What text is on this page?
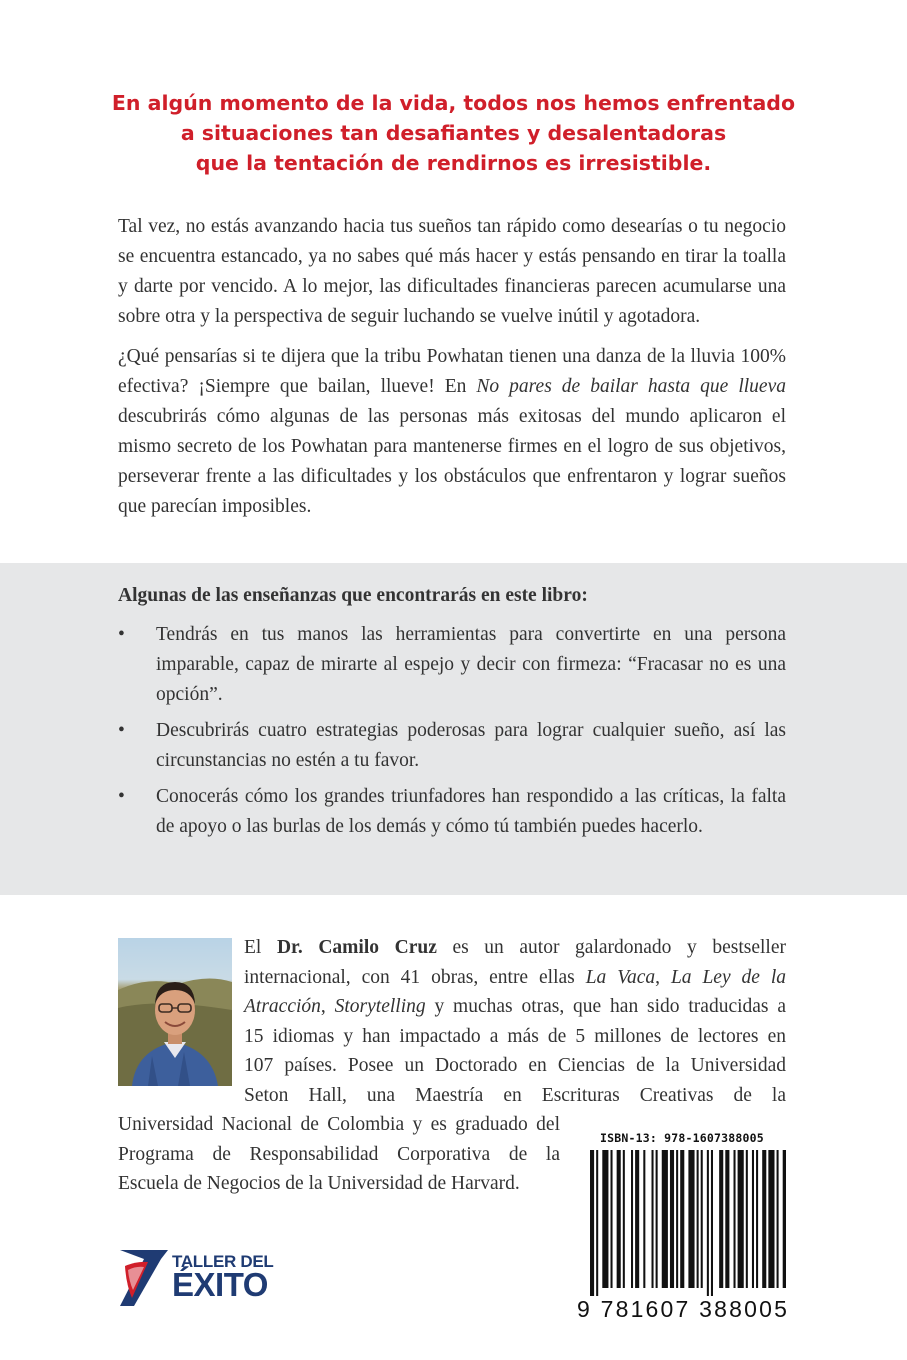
En algún momento de la vida, todos nos hemos enfrentado
a situaciones tan desafiantes y desalentadoras
que la tentación de rendirnos es irresistible.

Tal vez, no estás avanzando hacia tus sueños tan rápido como desearías o tu negocio se encuentra estancado, ya no sabes qué más hacer y estás pensando en tirar la toalla y darte por vencido. A lo mejor, las dificultades financieras parecen acumularse una sobre otra y la perspectiva de seguir luchando se vuelve inútil y agotadora.

¿Qué pensarías si te dijera que la tribu Powhatan tienen una danza de la lluvia 100% efectiva? ¡Siempre que bailan, llueve! En No pares de bailar hasta que llueva descubrirás cómo algunas de las personas más exitosas del mundo aplicaron el mismo secreto de los Powhatan para mantenerse firmes en el logro de sus objetivos, perseverar frente a las dificultades y los obstáculos que enfrentaron y lograr sueños que parecían imposibles.

Algunas de las enseñanzas que encontrarás en este libro:
• Tendrás en tus manos las herramientas para convertirte en una persona imparable, capaz de mirarte al espejo y decir con firmeza: “Fracasar no es una opción”.
• Descubrirás cuatro estrategias poderosas para lograr cualquier sueño, así las circunstancias no estén a tu favor.
• Conocerás cómo los grandes triunfadores han respondido a las críticas, la falta de apoyo o las burlas de los demás y cómo tú también puedes hacerlo.
El Dr. Camilo Cruz es un autor galardonado y bestseller
internacional, con 41 obras, entre ellas La Vaca, La Ley de la
Atracción, Storytelling y muchas otras, que han sido traducidas a
15 idiomas y han impactado a más de 5 millones de lectores en
107 países. Posee un Doctorado en Ciencias de la Universidad
Seton Hall, una Maestría en Escrituras Creativas de la
Universidad Nacional de Colombia y es graduado del
Programa de Responsabilidad Corporativa de la
Escuela de Negocios de la Universidad de Harvard.
ISBN-13: 978-1607388005
9 781607 388005
TALLER DEL
ÉXITO
